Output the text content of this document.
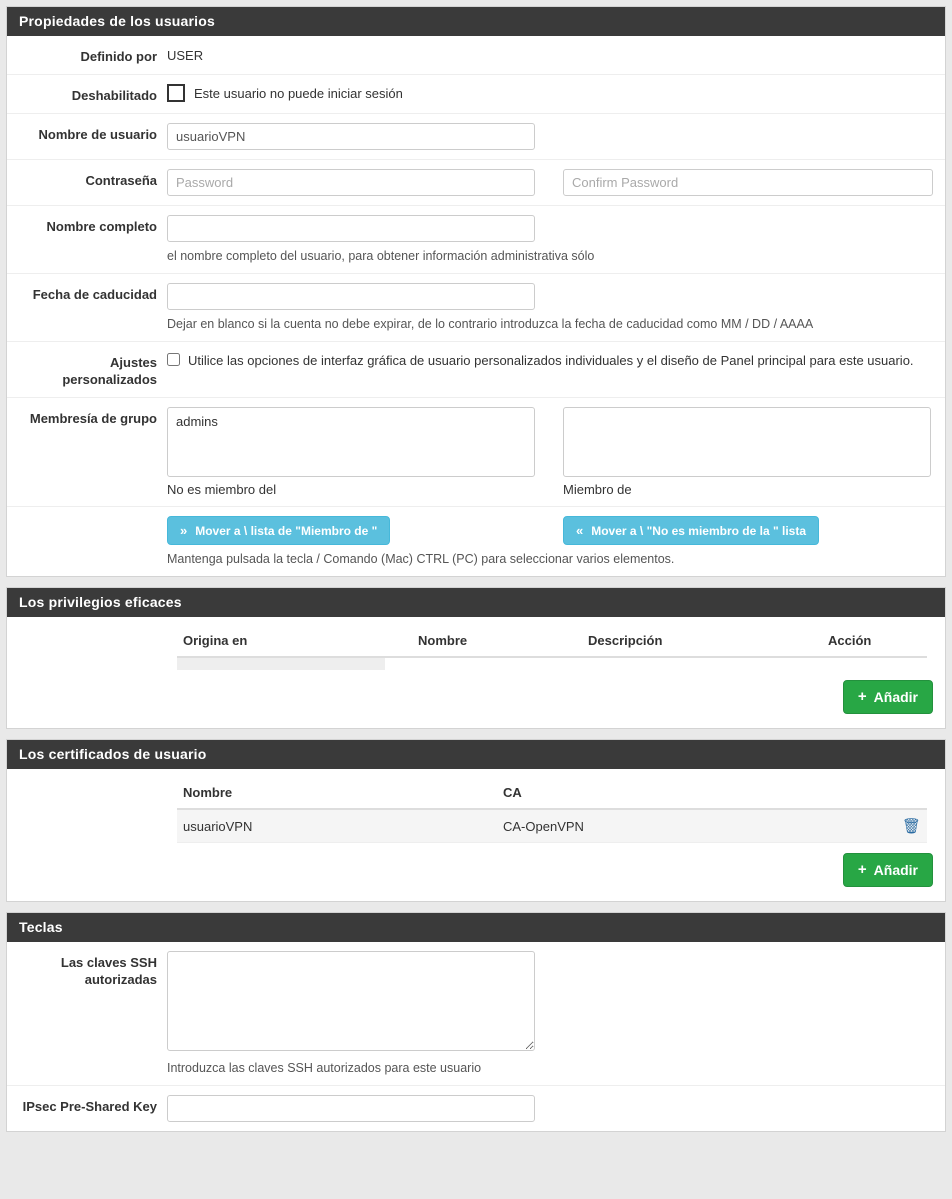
Propiedades de los usuarios
Definido por USER
Deshabilitado	Este usuario no puede iniciar sesión
Nombre de usuario
usuarioVPN
Contraseña
Nombre completo
el nombre completo del usuario, para obtener información administrativa sólo
Fecha de caducidad
Dejar en blanco si la cuenta no debe expirar, de lo contrario introduzca la fecha de caducidad como MM / DD / AAAA
Ajustes personalizados
Utilice las opciones de interfaz gráfica de usuario personalizados individuales y el diseño de Panel principal para este usuario.
Membresía de grupo	admins
No es miembro del	Miembro de
» Mover a \ lista de "Miembro de "	« Mover a \ "No es miembro de la " lista
Mantenga pulsada la tecla / Comando (Mac) CTRL (PC) para seleccionar varios elementos.
Los privilegios eficaces
Origina en	Nombre	Descripción	Acción

+ Añadir
Los certificados de usuario
Nombre	CA	
usuarioVPN	CA-OpenVPN	🗑
+ Añadir
Teclas
Las claves SSH autorizadas
Introduzca las claves SSH autorizados para este usuario
IPsec Pre-Shared Key
